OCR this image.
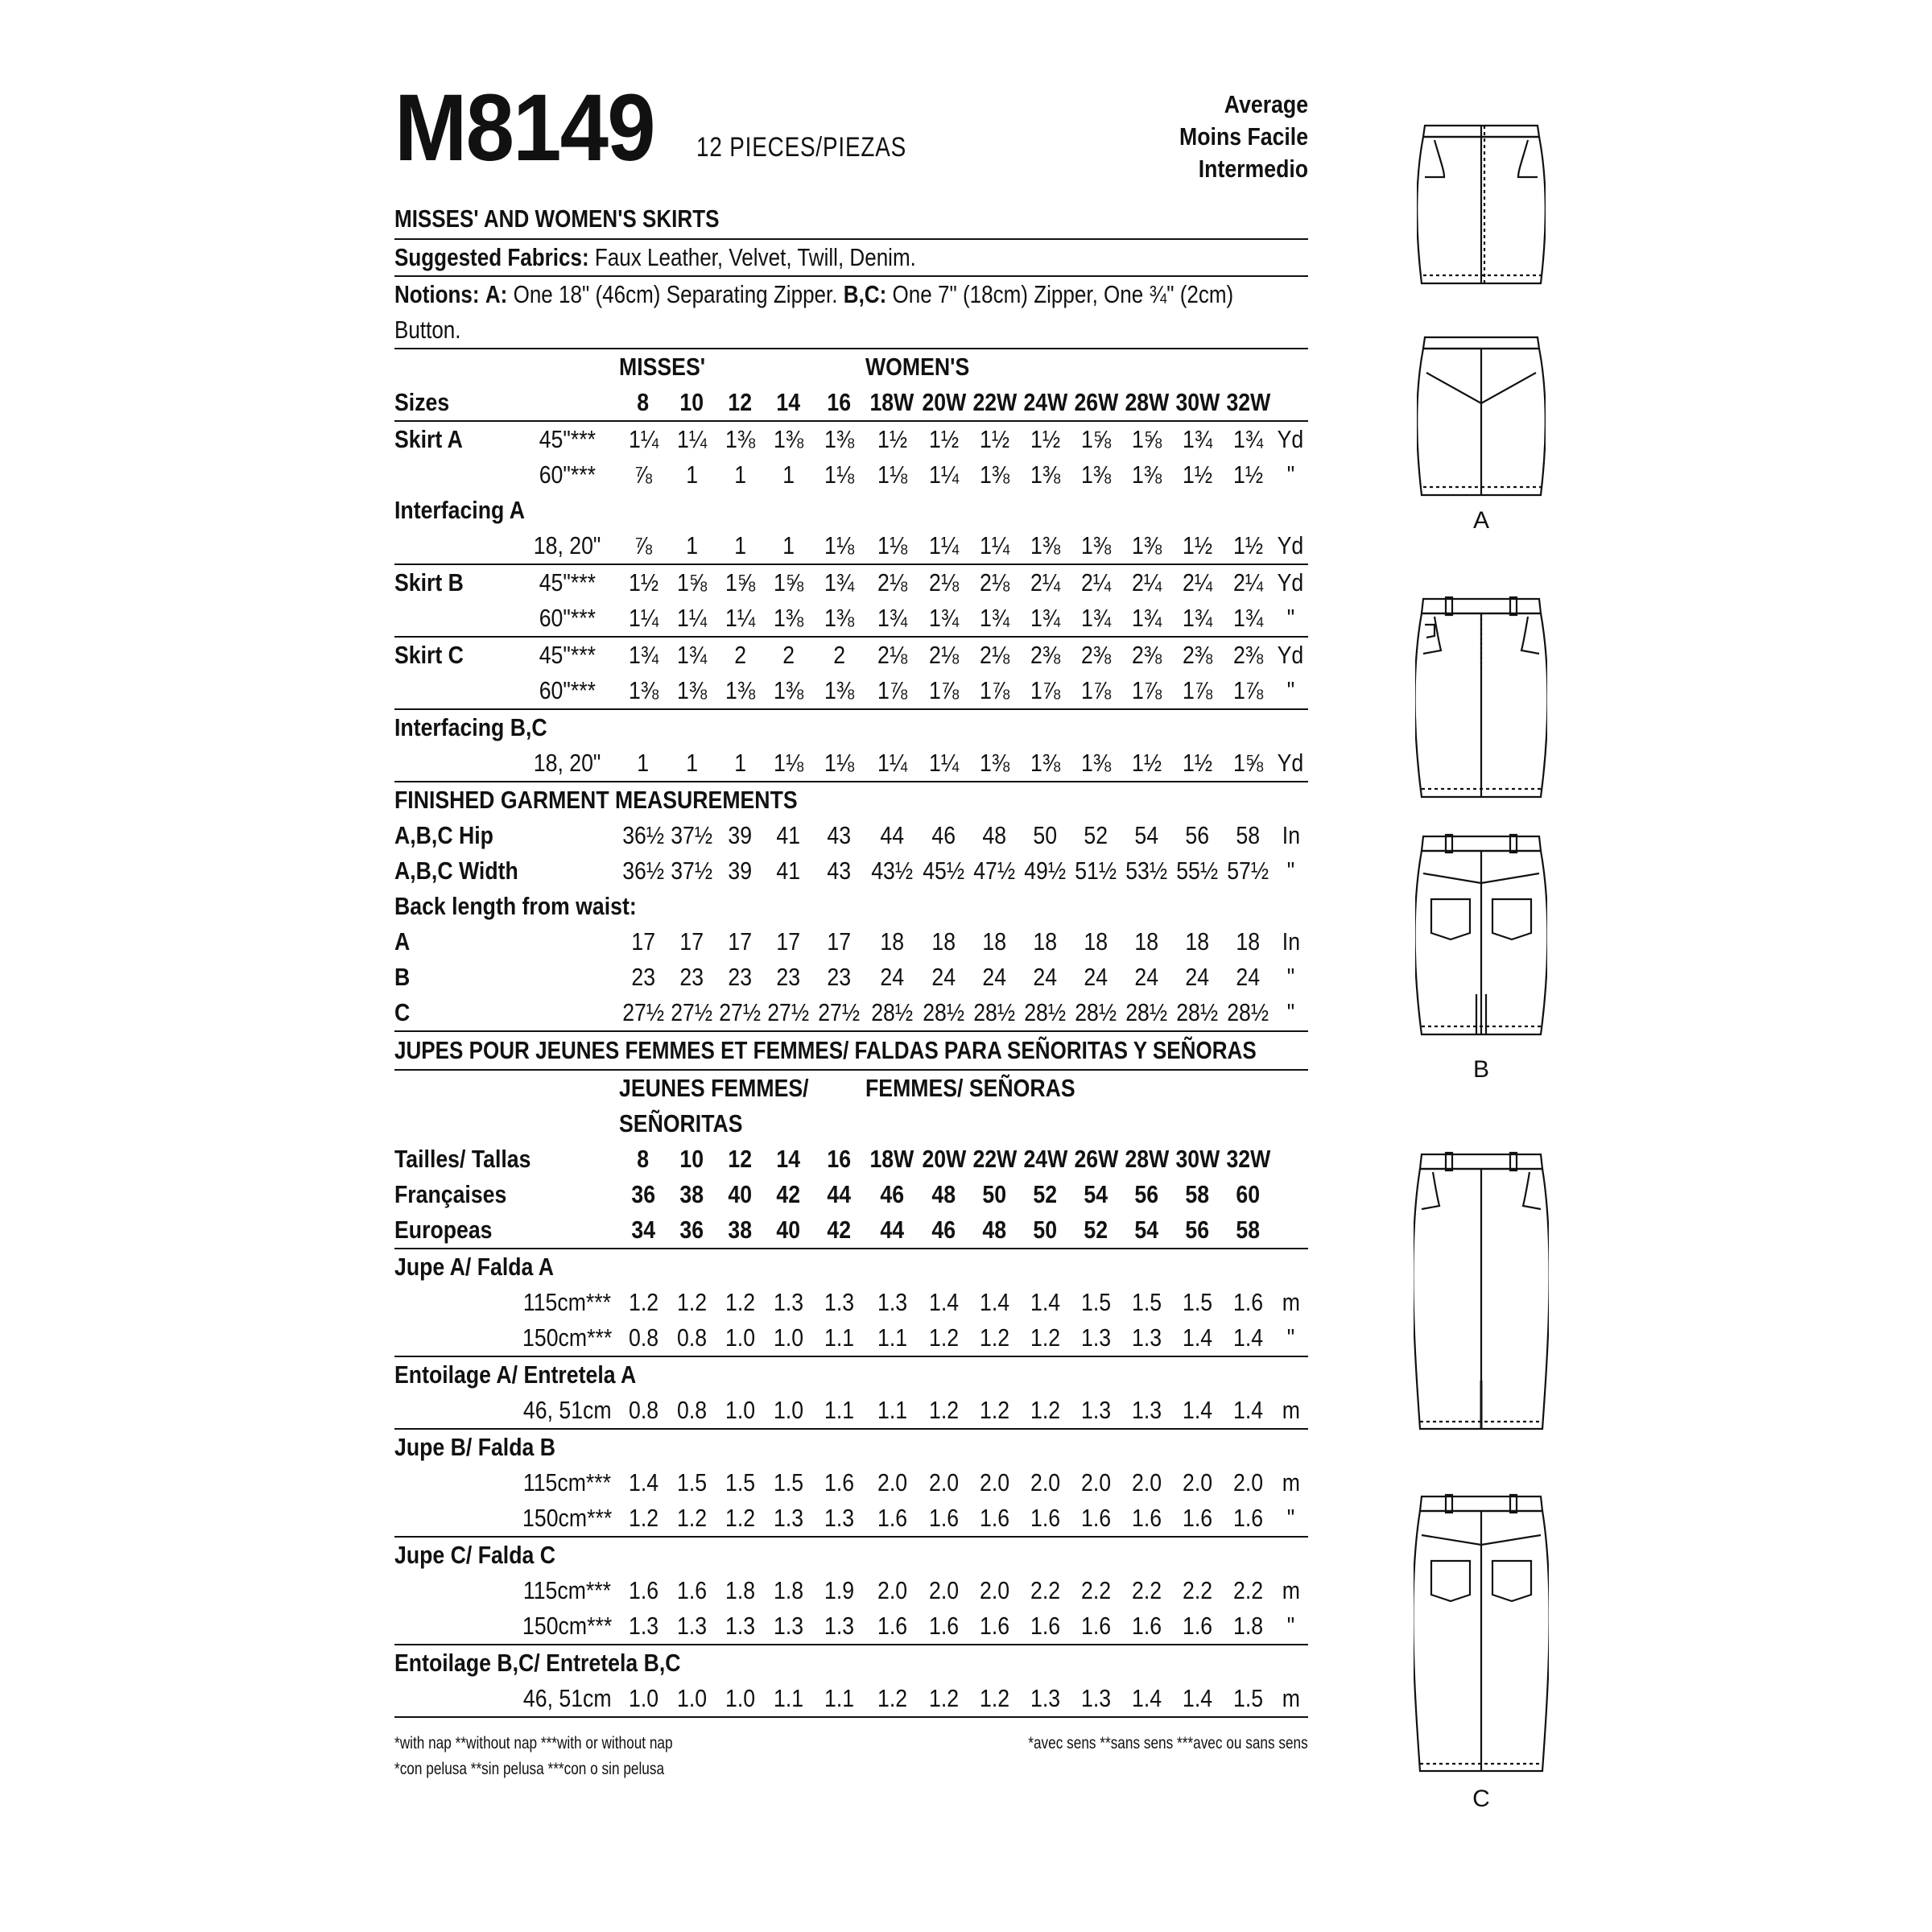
M8149 12 PIECES/PIEZAS
Average
Moins Facile
Intermedio
MISSES' AND WOMEN'S SKIRTS
Suggested Fabrics: Faux Leather, Velvet, Twill, Denim.
Notions: A: One 18" (46cm) Separating Zipper. B,C: One 7" (18cm) Zipper, One ¾" (2cm)
Button.
		MISSES'					WOMEN'S								
Sizes		8	10	12	14	16	18W	20W	22W	24W	26W	28W	30W	32W	
Skirt A	45"***	1¼	1¼	1⅜	1⅜	1⅜	1½	1½	1½	1½	1⅝	1⅝	1¾	1¾	Yd
	60"***	⅞	1	1	1	1⅛	1⅛	1¼	1⅜	1⅜	1⅜	1⅜	1½	1½	"
Interfacing A															
	18, 20"	⅞	1	1	1	1⅛	1⅛	1¼	1¼	1⅜	1⅜	1⅜	1½	1½	Yd
Skirt B	45"***	1½	1⅝	1⅝	1⅝	1¾	2⅛	2⅛	2⅛	2¼	2¼	2¼	2¼	2¼	Yd
	60"***	1¼	1¼	1¼	1⅜	1⅜	1¾	1¾	1¾	1¾	1¾	1¾	1¾	1¾	"
Skirt C	45"***	1¾	1¾	2	2	2	2⅛	2⅛	2⅛	2⅜	2⅜	2⅜	2⅜	2⅜	Yd
	60"***	1⅜	1⅜	1⅜	1⅜	1⅜	1⅞	1⅞	1⅞	1⅞	1⅞	1⅞	1⅞	1⅞	"
Interfacing B,C															
	18, 20"	1	1	1	1⅛	1⅛	1¼	1¼	1⅜	1⅜	1⅜	1½	1½	1⅝	Yd
FINISHED GARMENT MEASUREMENTS															
A,B,C Hip		36½	37½	39	41	43	44	46	48	50	52	54	56	58	In
A,B,C Width		36½	37½	39	41	43	43½	45½	47½	49½	51½	53½	55½	57½	"
Back length from waist:															
A		17	17	17	17	17	18	18	18	18	18	18	18	18	In
B		23	23	23	23	23	24	24	24	24	24	24	24	24	"
C		27½	27½	27½	27½	27½	28½	28½	28½	28½	28½	28½	28½	28½	"
JUPES POUR JEUNES FEMMES ET FEMMES/ FALDAS PARA SEÑORITAS Y SEÑORAS
		JEUNES FEMMES/					FEMMES/ SEÑORAS								
		SEÑORITAS													
Tailles/ Tallas		8	10	12	14	16	18W	20W	22W	24W	26W	28W	30W	32W	
Françaises		36	38	40	42	44	46	48	50	52	54	56	58	60	
Europeas		34	36	38	40	42	44	46	48	50	52	54	56	58	
Jupe A/ Falda A															
	115cm***	1.2	1.2	1.2	1.3	1.3	1.3	1.4	1.4	1.4	1.5	1.5	1.5	1.6	m
	150cm***	0.8	0.8	1.0	1.0	1.1	1.1	1.2	1.2	1.2	1.3	1.3	1.4	1.4	"
Entoilage A/ Entretela A															
	46, 51cm	0.8	0.8	1.0	1.0	1.1	1.1	1.2	1.2	1.2	1.3	1.3	1.4	1.4	m
Jupe B/ Falda B															
	115cm***	1.4	1.5	1.5	1.5	1.6	2.0	2.0	2.0	2.0	2.0	2.0	2.0	2.0	m
	150cm***	1.2	1.2	1.2	1.3	1.3	1.6	1.6	1.6	1.6	1.6	1.6	1.6	1.6	"
Jupe C/ Falda C															
	115cm***	1.6	1.6	1.8	1.8	1.9	2.0	2.0	2.0	2.2	2.2	2.2	2.2	2.2	m
	150cm***	1.3	1.3	1.3	1.3	1.3	1.6	1.6	1.6	1.6	1.6	1.6	1.6	1.8	"
Entoilage B,C/ Entretela B,C															
	46, 51cm	1.0	1.0	1.0	1.1	1.1	1.2	1.2	1.2	1.3	1.3	1.4	1.4	1.5	m
*with nap **without nap ***with or without nap
*con pelusa **sin pelusa ***con o sin pelusa
*avec sens **sans sens ***avec ou sans sens
A
B
C
